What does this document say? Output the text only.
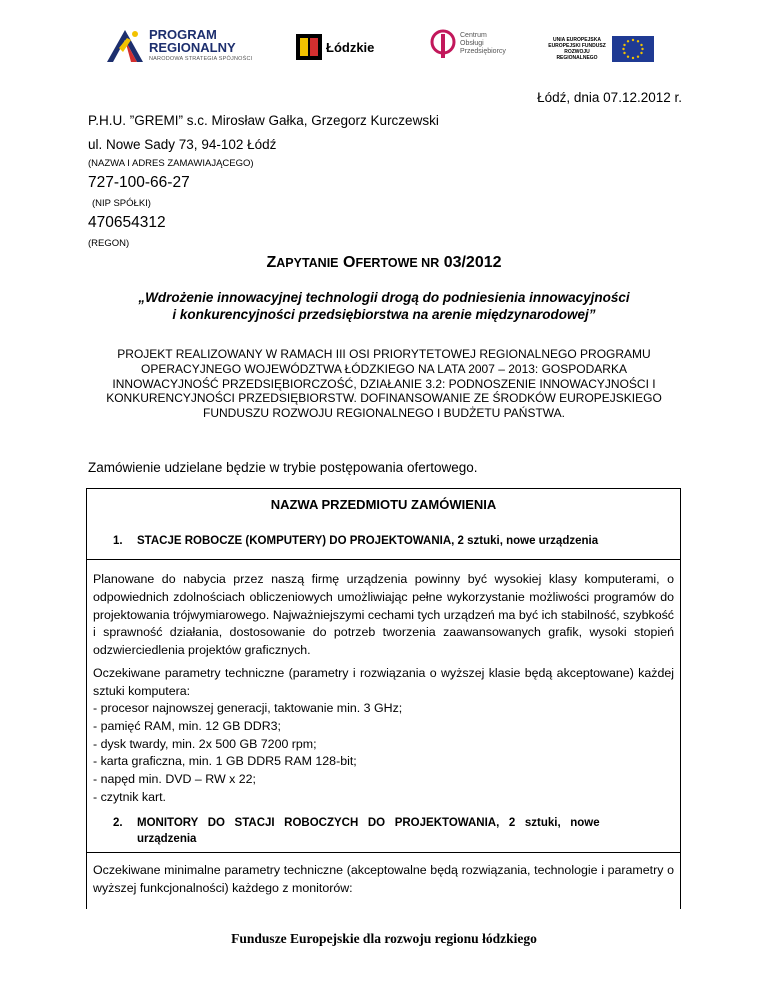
PROGRAM
REGIONALNY
NARODOWA STRATEGIA SPÓJNOŚCI
Łódzkie
Centrum
Obsługi
Przedsiębiorcy
UNIA EUROPEJSKA
EUROPEJSKI FUNDUSZ
ROZWOJU REGIONALNEGO
Łódź, dnia 07.12.2012 r.
P.H.U. ”GREMI” s.c. Mirosław Gałka, Grzegorz Kurczewski
ul. Nowe Sady 73, 94-102 Łódź
(NAZWA I ADRES ZAMAWIAJĄCEGO)
727-100-66-27
(NIP SPÓŁKI)
470654312
(REGON)
ZAPYTANIE OFERTOWE NR 03/2012
„Wdrożenie innowacyjnej technologii drogą do podniesienia innowacyjności
i konkurencyjności przedsiębiorstwa na arenie międzynarodowej”
PROJEKT REALIZOWANY W RAMACH III OSI PRIORYTETOWEJ REGIONALNEGO PROGRAMU
OPERACYJNEGO WOJEWÓDZTWA ŁÓDZKIEGO NA LATA 2007 – 2013: GOSPODARKA
INNOWACYJNOŚĆ PRZEDSIĘBIORCZOŚĆ, DZIAŁANIE 3.2: PODNOSZENIE INNOWACYJNOŚCI I
KONKURENCYJNOŚCI PRZEDSIĘBIORSTW. DOFINANSOWANIE ZE ŚRODKÓW EUROPEJSKIEGO
FUNDUSZU ROZWOJU REGIONALNEGO I BUDŻETU PAŃSTWA.
Zamówienie udzielane będzie w trybie postępowania ofertowego.
NAZWA PRZEDMIOTU ZAMÓWIENIA
1. STACJE ROBOCZE (KOMPUTERY) DO PROJEKTOWANIA, 2 sztuki, nowe urządzenia
Planowane do nabycia przez naszą firmę urządzenia powinny być wysokiej klasy komputerami, o odpowiednich zdolnościach obliczeniowych umożliwiając pełne wykorzystanie możliwości programów do projektowania trójwymiarowego. Najważniejszymi cechami tych urządzeń ma być ich stabilność, szybkość i sprawność działania, dostosowanie do potrzeb tworzenia zaawansowanych grafik, wysoki stopień odzwierciedlenia projektów graficznych.
Oczekiwane parametry techniczne (parametry i rozwiązania o wyższej klasie będą akceptowane) każdej sztuki komputera:
- procesor najnowszej generacji, taktowanie min. 3 GHz;
- pamięć RAM, min. 12 GB DDR3;
- dysk twardy, min. 2x 500 GB 7200 rpm;
- karta graficzna, min. 1 GB DDR5 RAM 128-bit;
- napęd min. DVD – RW x 22;
- czytnik kart.
2. MONITORY   DO   STACJI   ROBOCZYCH   DO   PROJEKTOWANIA,   2   sztuki,   nowe
urządzenia
Oczekiwane minimalne parametry techniczne (akceptowalne będą rozwiązania, technologie i parametry o wyższej funkcjonalności) każdego z monitorów:
Fundusze Europejskie dla rozwoju regionu łódzkiego
